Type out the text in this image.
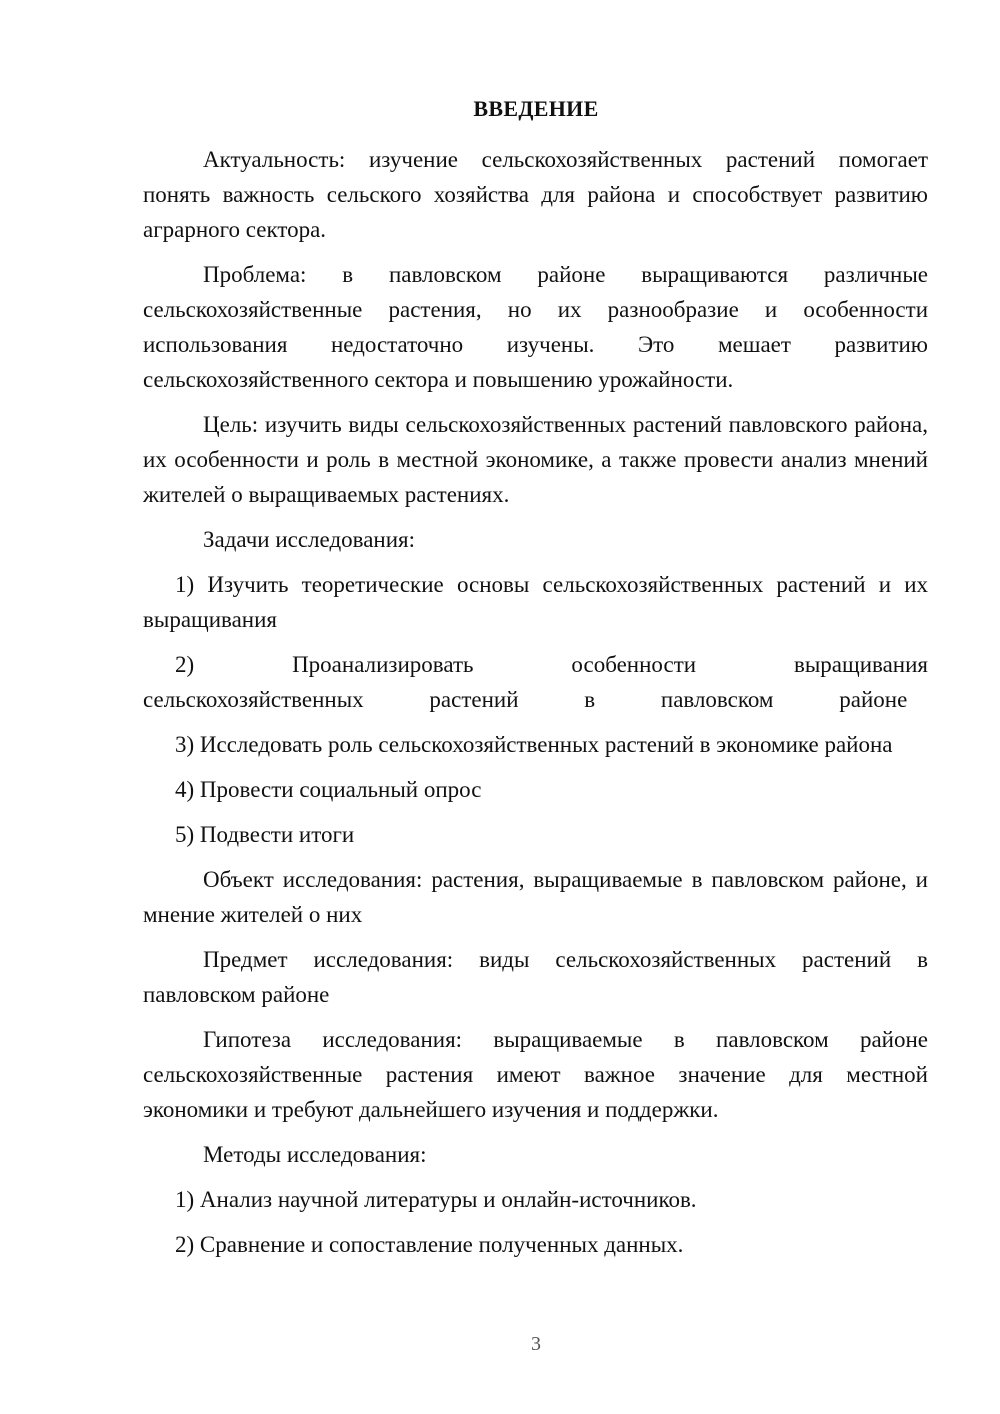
ВВЕДЕНИЕ

Актуальность: изучение сельскохозяйственных растений помогает понять важность сельского хозяйства для района и способствует развитию аграрного сектора.

Проблема: в павловском районе выращиваются различные сельскохозяйственные растения, но их разнообразие и особенности использования недостаточно изучены. Это мешает развитию сельскохозяйственного сектора и повышению урожайности.

Цель: изучить виды сельскохозяйственных растений павловского района, их особенности и роль в местной экономике, а также провести анализ мнений жителей о выращиваемых растениях.

Задачи исследования:

1) Изучить теоретические основы сельскохозяйственных растений и их выращивания

2) Проанализировать особенности выращивания сельскохозяйственных растений в павловском районе

3) Исследовать роль сельскохозяйственных растений в экономике района

4) Провести социальный опрос

5) Подвести итоги

Объект исследования: растения, выращиваемые в павловском районе, и мнение жителей о них

Предмет исследования: виды сельскохозяйственных растений в павловском районе

Гипотеза исследования: выращиваемые в павловском районе сельскохозяйственные растения имеют важное значение для местной экономики и требуют дальнейшего изучения и поддержки.

Методы исследования:

1) Анализ научной литературы и онлайн-источников.

2) Сравнение и сопоставление полученных данных.

3
